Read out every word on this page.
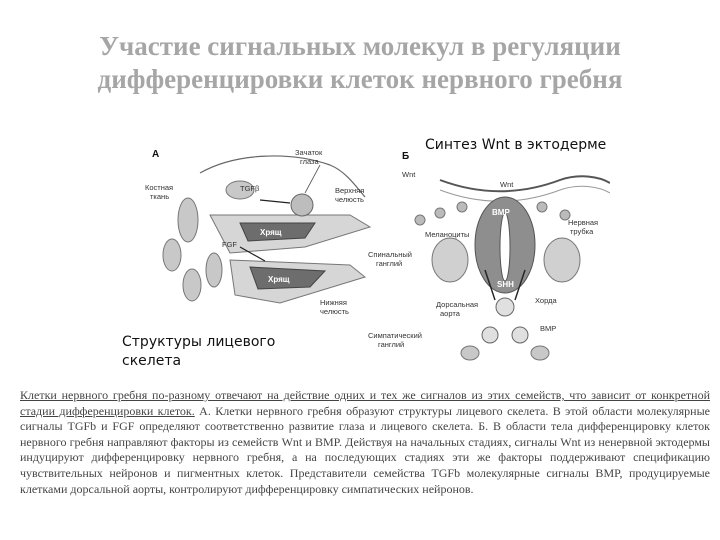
Участие сигнальных молекул в регуляции
дифференцировки клеток нервного гребня
А	Зачаток
глаза
Костная
ткань
TGFβ	Верхняя
челюсть
Хрящ
FGF
Хрящ
Нижняя
челюсть
Б
Wnt
Wnt
BMP
Меланоциты
Нервная
трубка
Спинальный
ганглий
SHH
Хорда
Дорсальная
аорта
BMP
Симпатический
ганглий
Синтез Wnt в эктодерме
Структуры лицевого скелета
Клетки нервного гребня по-разному отвечают на действие одних и тех же сигналов из этих семейств, что зависит от конкретной стадии дифференцировки клеток. А. Клетки нервного гребня образуют структуры лицевого скелета. В этой области молекулярные сигналы TGFb и FGF определяют соответственно развитие глаза и лицевого скелета. Б. В области тела дифференцировку клеток нервного гребня направляют факторы из семейств Wnt и BMP. Действуя на начальных стадиях, сигналы Wnt из ненервной эктодермы индуцируют дифференцировку нервного гребня, а на последующих стадиях эти же факторы поддерживают спецификацию чувствительных нейронов и пигментных клеток. Представители семейства TGFb молекулярные сигналы BMP, продуцируемые клетками дорсальной аорты, контролируют дифференцировку симпатических нейронов.
